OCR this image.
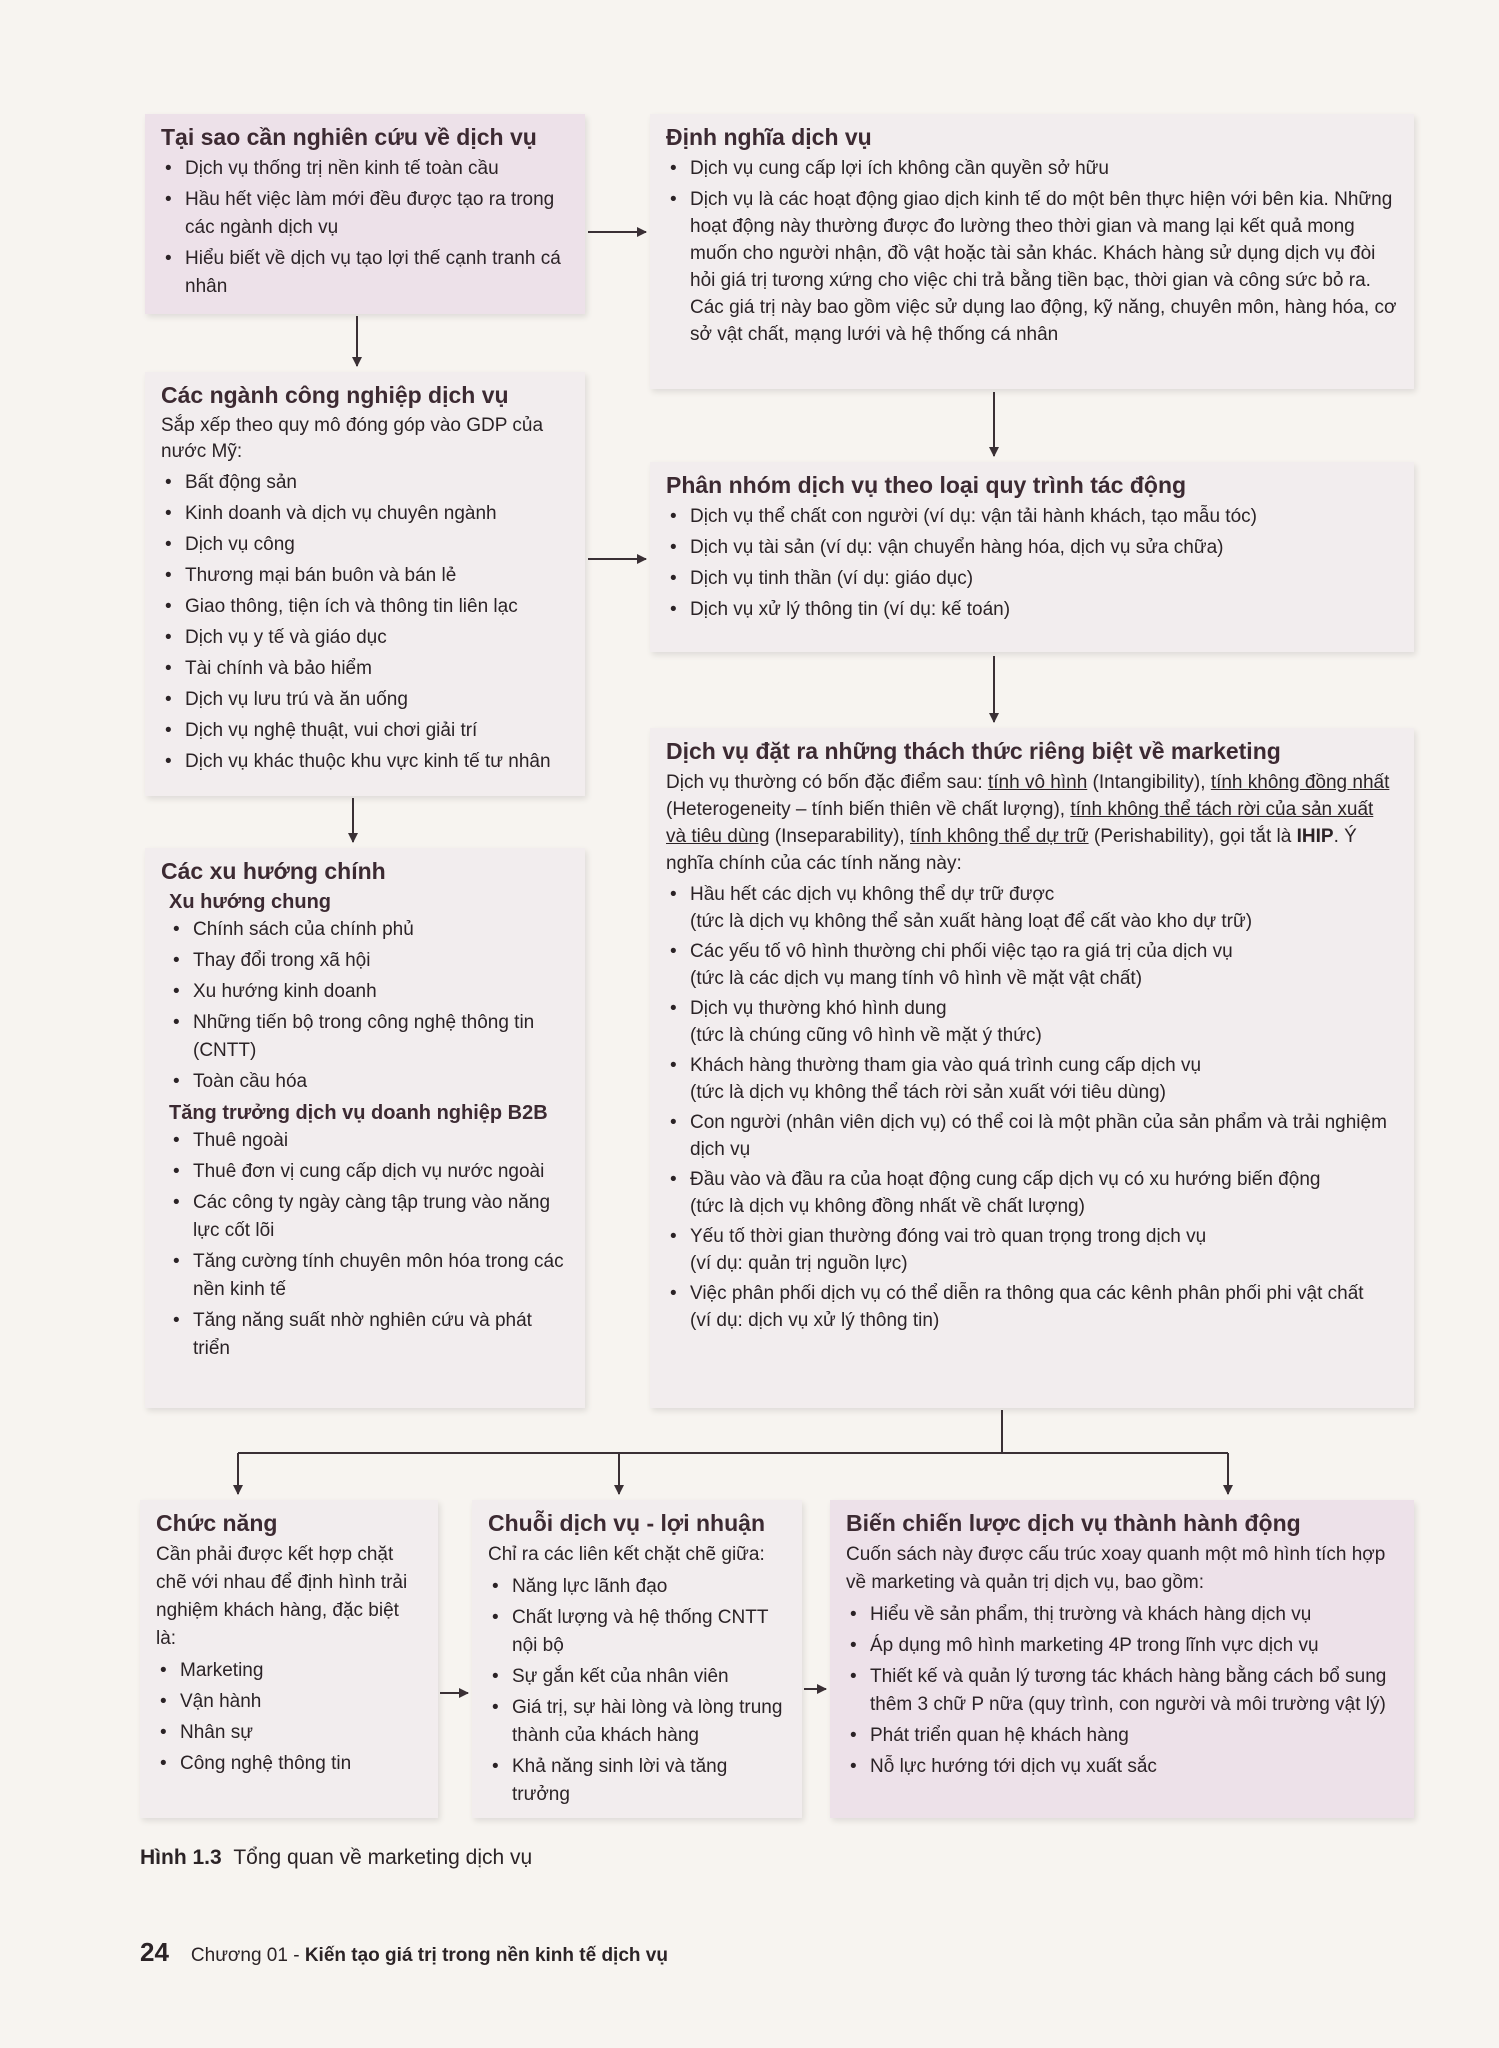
Tại sao cần nghiên cứu về dịch vụ
• Dịch vụ thống trị nền kinh tế toàn cầu
• Hầu hết việc làm mới đều được tạo ra trong các ngành dịch vụ
• Hiểu biết về dịch vụ tạo lợi thế cạnh tranh cá nhân
Định nghĩa dịch vụ
• Dịch vụ cung cấp lợi ích không cần quyền sở hữu
• Dịch vụ là các hoạt động giao dịch kinh tế do một bên thực hiện với bên kia. Những hoạt động này thường được đo lường theo thời gian và mang lại kết quả mong muốn cho người nhận, đồ vật hoặc tài sản khác. Khách hàng sử dụng dịch vụ đòi hỏi giá trị tương xứng cho việc chi trả bằng tiền bạc, thời gian và công sức bỏ ra. Các giá trị này bao gồm việc sử dụng lao động, kỹ năng, chuyên môn, hàng hóa, cơ sở vật chất, mạng lưới và hệ thống cá nhân
Các ngành công nghiệp dịch vụ

Sắp xếp theo quy mô đóng góp vào GDP của nước Mỹ:

• Bất động sản
• Kinh doanh và dịch vụ chuyên ngành
• Dịch vụ công
• Thương mại bán buôn và bán lẻ
• Giao thông, tiện ích và thông tin liên lạc
• Dịch vụ y tế và giáo dục
• Tài chính và bảo hiểm
• Dịch vụ lưu trú và ăn uống
• Dịch vụ nghệ thuật, vui chơi giải trí
• Dịch vụ khác thuộc khu vực kinh tế tư nhân
Phân nhóm dịch vụ theo loại quy trình tác động
• Dịch vụ thể chất con người (ví dụ: vận tải hành khách, tạo mẫu tóc)
• Dịch vụ tài sản (ví dụ: vận chuyển hàng hóa, dịch vụ sửa chữa)
• Dịch vụ tinh thần (ví dụ: giáo dục)
• Dịch vụ xử lý thông tin (ví dụ: kế toán)
Các xu hướng chính
Xu hướng chung
• Chính sách của chính phủ
• Thay đổi trong xã hội
• Xu hướng kinh doanh
• Những tiến bộ trong công nghệ thông tin (CNTT)
• Toàn cầu hóa
Tăng trưởng dịch vụ doanh nghiệp B2B
• Thuê ngoài
• Thuê đơn vị cung cấp dịch vụ nước ngoài
• Các công ty ngày càng tập trung vào năng lực cốt lõi
• Tăng cường tính chuyên môn hóa trong các nền kinh tế
• Tăng năng suất nhờ nghiên cứu và phát triển
Dịch vụ đặt ra những thách thức riêng biệt về marketing

Dịch vụ thường có bốn đặc điểm sau: tính vô hình (Intangibility), tính không đồng nhất (Heterogeneity – tính biến thiên về chất lượng), tính không thể tách rời của sản xuất và tiêu dùng (Inseparability), tính không thể dự trữ (Perishability), gọi tắt là IHIP. Ý nghĩa chính của các tính năng này:

• Hầu hết các dịch vụ không thể dự trữ được
(tức là dịch vụ không thể sản xuất hàng loạt để cất vào kho dự trữ)
• Các yếu tố vô hình thường chi phối việc tạo ra giá trị của dịch vụ
(tức là các dịch vụ mang tính vô hình về mặt vật chất)
• Dịch vụ thường khó hình dung
(tức là chúng cũng vô hình về mặt ý thức)
• Khách hàng thường tham gia vào quá trình cung cấp dịch vụ
(tức là dịch vụ không thể tách rời sản xuất với tiêu dùng)
• Con người (nhân viên dịch vụ) có thể coi là một phần của sản phẩm và trải nghiệm dịch vụ
• Đầu vào và đầu ra của hoạt động cung cấp dịch vụ có xu hướng biến động
(tức là dịch vụ không đồng nhất về chất lượng)
• Yếu tố thời gian thường đóng vai trò quan trọng trong dịch vụ
(ví dụ: quản trị nguồn lực)
• Việc phân phối dịch vụ có thể diễn ra thông qua các kênh phân phối phi vật chất
(ví dụ: dịch vụ xử lý thông tin)
Chức năng

Cần phải được kết hợp chặt chẽ với nhau để định hình trải nghiệm khách hàng, đặc biệt là:

• Marketing
• Vận hành
• Nhân sự
• Công nghệ thông tin
Chuỗi dịch vụ - lợi nhuận

Chỉ ra các liên kết chặt chẽ giữa:

• Năng lực lãnh đạo
• Chất lượng và hệ thống CNTT nội bộ
• Sự gắn kết của nhân viên
• Giá trị, sự hài lòng và lòng trung thành của khách hàng
• Khả năng sinh lời và tăng trưởng
Biến chiến lược dịch vụ thành hành động

Cuốn sách này được cấu trúc xoay quanh một mô hình tích hợp về marketing và quản trị dịch vụ, bao gồm:

• Hiểu về sản phẩm, thị trường và khách hàng dịch vụ
• Áp dụng mô hình marketing 4P trong lĩnh vực dịch vụ
• Thiết kế và quản lý tương tác khách hàng bằng cách bổ sung thêm 3 chữ P nữa (quy trình, con người và môi trường vật lý)
• Phát triển quan hệ khách hàng
• Nỗ lực hướng tới dịch vụ xuất sắc
Hình 1.3 Tổng quan về marketing dịch vụ
24 Chương 01 - Kiến tạo giá trị trong nền kinh tế dịch vụ
